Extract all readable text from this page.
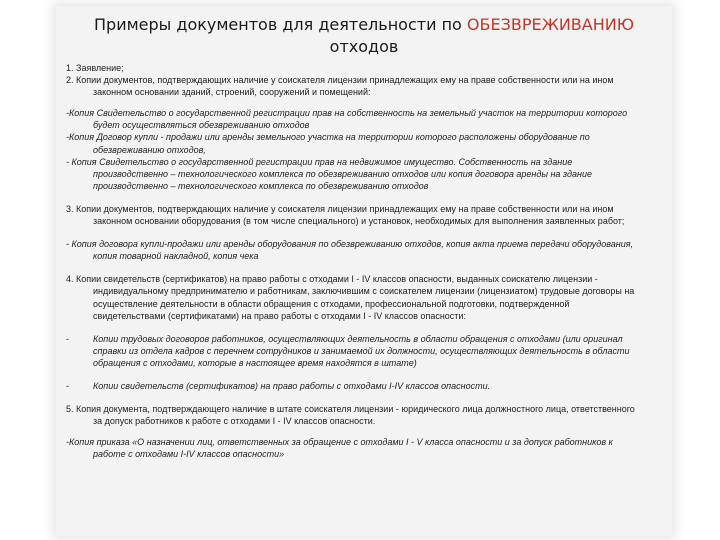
Примеры документов для деятельности по ОБЕЗВРЕЖИВАНИЮ
отходов

1. Заявление;

2. Копии документов, подтверждающих наличие у соискателя лицензии принадлежащих ему на праве собственности или на ином законном основании зданий, строений, сооружений и помещений:

-Копия Свидетельство о государственной регистрации прав на собственность на земельный участок на территории которого будет осуществляться обезвреживанию отходов

-Копия Договор купли - продажи или аренды земельного участка на территории которого расположены оборудование по обезвреживанию отходов,

- Копия Свидетельство о государственной регистрации прав на недвижимое имущество. Собственность на здание производственно – технологического комплекса по обезвреживанию отходов или копия договора аренды на здание производственно – технологического комплекса по обезвреживанию отходов

3. Копии документов, подтверждающих наличие у соискателя лицензии принадлежащих ему на праве собственности или на ином законном основании оборудования (в том числе специального) и установок, необходимых для выполнения заявленных работ;

- Копия договора купли-продажи или аренды оборудования по обезвреживанию отходов, копия акта приема передачи оборудования, копия товарной накладной, копия чека

4. Копии свидетельств (сертификатов) на право работы с отходами I - IV классов опасности, выданных соискателю лицензии - индивидуальному предпринимателю и работникам, заключившим с соискателем лицензии (лицензиатом) трудовые договоры на осуществление деятельности в области обращения с отходами, профессиональной подготовки, подтвержденной свидетельствами (сертификатами) на право работы с отходами I - IV классов опасности:

-	Копии трудовых договоров работников, осуществляющих деятельность в области обращения с отходами (или оригинал справки из отдела кадров с перечнем сотрудников и занимаемой их должности, осуществляющих деятельность в области обращения с отходами, которые в настоящее время находятся в штате)
-	Копии свидетельств (сертификатов) на право работы с отходами I-IV классов опасности.

5. Копия документа, подтверждающего наличие в штате соискателя лицензии - юридического лица должностного лица, ответственного за допуск работников к работе с отходами I - IV классов опасности.

-Копия приказа «О назначении лиц, ответственных за обращение с отходами I - V класса опасности и за допуск работников к работе с отходами I-IV классов опасности»
